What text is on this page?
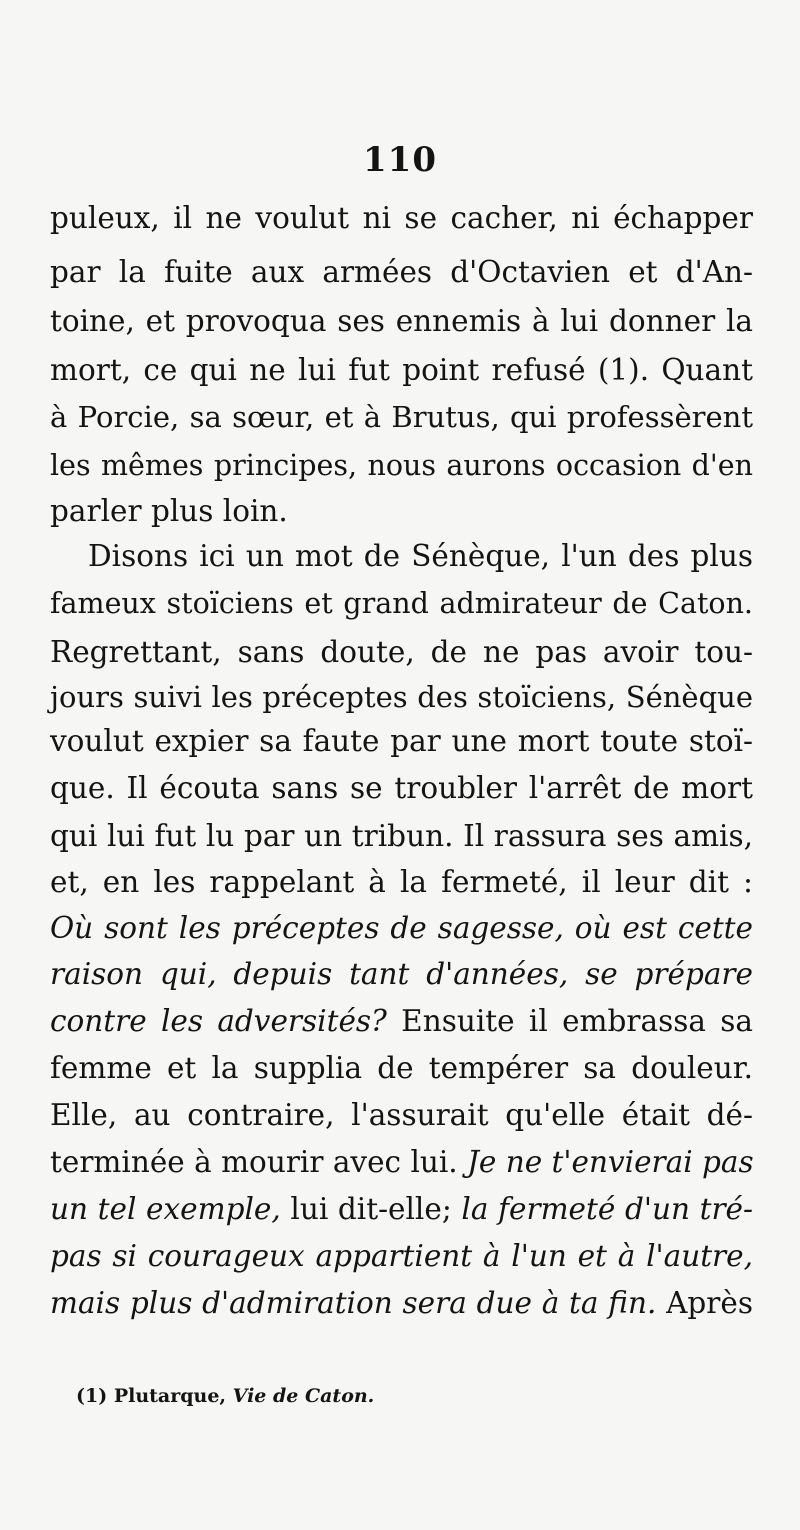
110
puleux, il ne voulut ni se cacher, ni échapper
par la fuite aux armées d'Octavien et d'An-
toine, et provoqua ses ennemis à lui donner la
mort, ce qui ne lui fut point refusé (1). Quant
à Porcie, sa sœur, et à Brutus, qui professèrent
les mêmes principes, nous aurons occasion d'en
parler plus loin.
Disons ici un mot de Sénèque, l'un des plus
fameux stoïciens et grand admirateur de Caton.
Regrettant, sans doute, de ne pas avoir tou-
jours suivi les préceptes des stoïciens, Sénèque
voulut expier sa faute par une mort toute stoï-
que. Il écouta sans se troubler l'arrêt de mort
qui lui fut lu par un tribun. Il rassura ses amis,
et, en les rappelant à la fermeté, il leur dit :
Où sont les préceptes de sagesse, où est cette
raison qui, depuis tant d'années, se prépare
contre les adversités? Ensuite il embrassa sa
femme et la supplia de tempérer sa douleur.
Elle, au contraire, l'assurait qu'elle était dé-
terminée à mourir avec lui. Je ne t'envierai pas
un tel exemple, lui dit-elle; la fermeté d'un tré-
pas si courageux appartient à l'un et à l'autre,
mais plus d'admiration sera due à ta fin. Après
(1) Plutarque, Vie de Caton.
